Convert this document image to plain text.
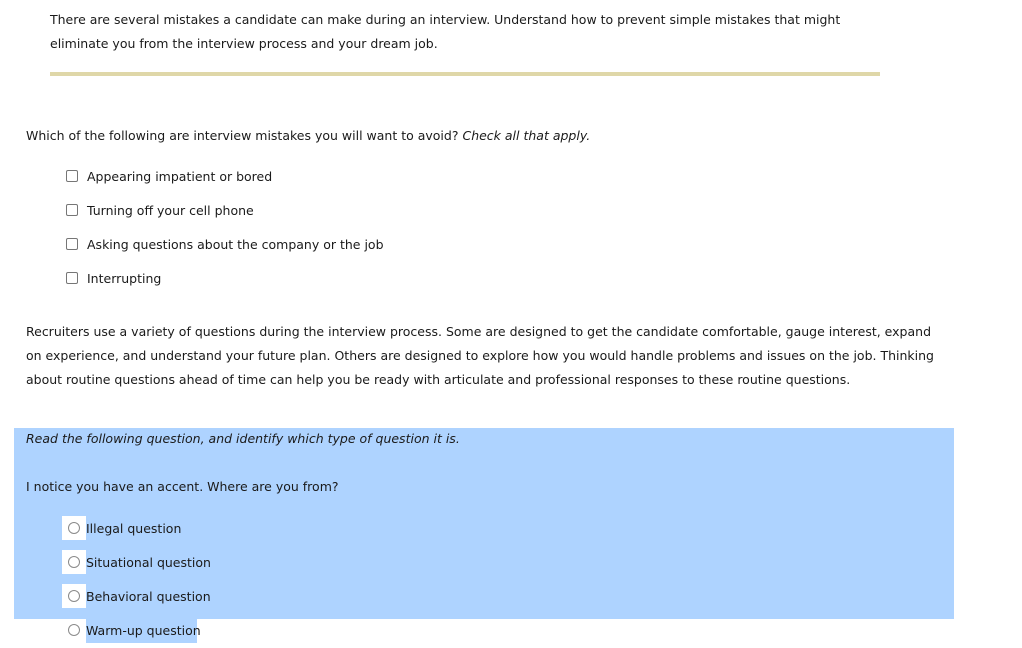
There are several mistakes a candidate can make during an interview. Understand how to prevent simple mistakes that might eliminate you from the interview process and your dream job.
Which of the following are interview mistakes you will want to avoid? Check all that apply.
Appearing impatient or bored
Turning off your cell phone
Asking questions about the company or the job
Interrupting
Recruiters use a variety of questions during the interview process. Some are designed to get the candidate comfortable, gauge interest, expand on experience, and understand your future plan. Others are designed to explore how you would handle problems and issues on the job. Thinking about routine questions ahead of time can help you be ready with articulate and professional responses to these routine questions.
Read the following question, and identify which type of question it is.
I notice you have an accent. Where are you from?
Illegal question
Situational question
Behavioral question
Warm-up question
